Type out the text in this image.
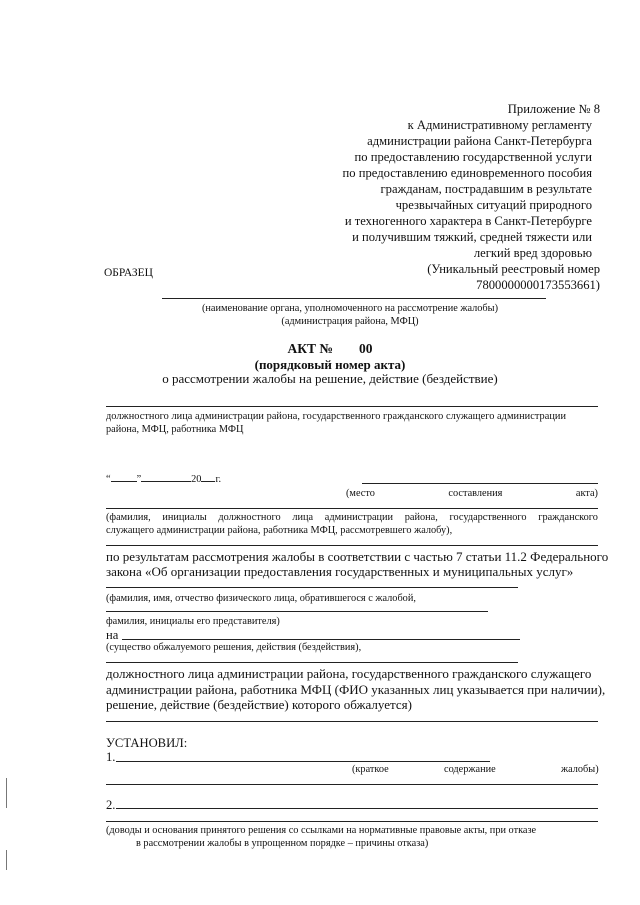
Приложение № 8
к Административному регламенту
администрации района Санкт-Петербурга
по предоставлению государственной услуги
по предоставлению единовременного пособия
гражданам, пострадавшим в результате
чрезвычайных ситуаций природного
и техногенного характера в Санкт-Петербурге
и получившим тяжкий, средней тяжести или
легкий вред здоровью
(Уникальный реестровый номер
7800000000173553661)
ОБРАЗЕЦ
(наименование органа, уполномоченного на рассмотрение жалобы)
(администрация района, МФЦ)
АКТ № 00
(порядковый номер акта)
о рассмотрении жалобы на решение, действие (бездействие)
должностного лица администрации района, государственного гражданского служащего администрации
района, МФЦ, работника МФЦ
“	”	20 г.
(место	составления	акта)
(фамилия, инициалы должностного лица администрации района, государственного гражданского
служащего администрации района, работника МФЦ, рассмотревшего жалобу),
по результатам рассмотрения жалобы в соответствии с частью 7 статьи 11.2 Федерального
закона «Об организации предоставления государственных и муниципальных услуг»
(фамилия, имя, отчество физического лица, обратившегося с жалобой,
фамилия, инициалы его представителя)
на
(существо обжалуемого решения, действия (бездействия),
должностного лица администрации района, государственного гражданского служащего
администрации района, работника МФЦ (ФИО указанных лиц указывается при наличии),
решение, действие (бездействие) которого обжалуется)
УСТАНОВИЛ:
1.
(краткое	содержание	жалобы)
2.
(доводы и основания принятого решения со ссылками на нормативные правовые акты, при отказе
в рассмотрении жалобы в упрощенном порядке – причины отказа)
